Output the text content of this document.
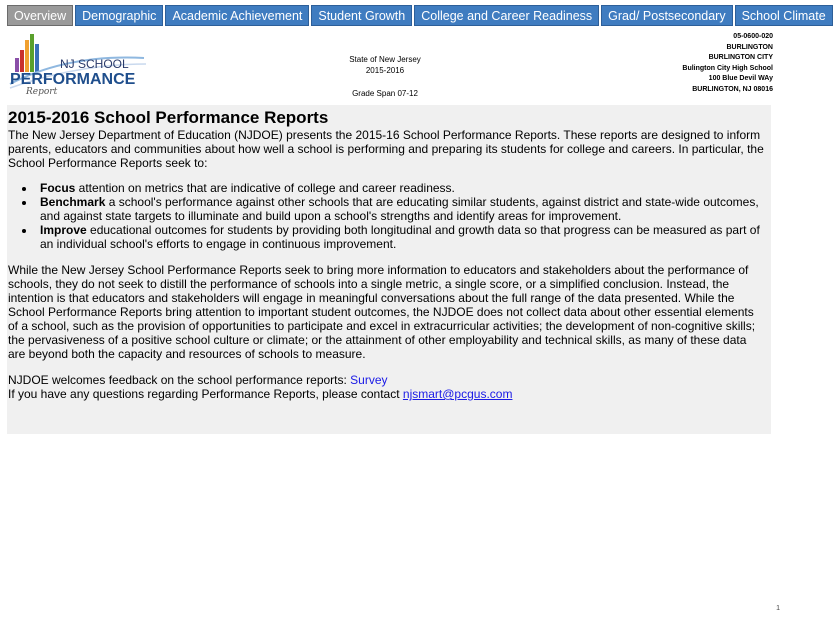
Overview	Demographic	Academic Achievement	Student Growth	College and Career Readiness	Grad/ Postsecondary	School Climate
NJ SCHOOL
PERFORMANCE
Report
State of New Jersey
2015-2016
Grade Span 07-12
05-0600-020
BURLINGTON
BURLINGTON CITY
Bulington City High School
100 Blue Devil WAy
BURLINGTON, NJ 08016
2015-2016 School Performance Reports

The New Jersey Department of Education (NJDOE) presents the 2015-16 School Performance Reports. These reports are designed to inform parents, educators and communities about how well a school is performing and preparing its students for college and careers. In particular, the School Performance Reports seek to:

• Focus attention on metrics that are indicative of college and career readiness.
• Benchmark a school's performance against other schools that are educating similar students, against district and state-wide outcomes, and against state targets to illuminate and build upon a school's strengths and identify areas for improvement.
• Improve educational outcomes for students by providing both longitudinal and growth data so that progress can be measured as part of an individual school's efforts to engage in continuous improvement.

While the New Jersey School Performance Reports seek to bring more information to educators and stakeholders about the performance of schools, they do not seek to distill the performance of schools into a single metric, a single score, or a simplified conclusion. Instead, the intention is that educators and stakeholders will engage in meaningful conversations about the full range of the data presented. While the School Performance Reports bring attention to important student outcomes, the NJDOE does not collect data about other essential elements of a school, such as the provision of opportunities to participate and excel in extracurricular activities; the development of non-cognitive skills; the pervasiveness of a positive school culture or climate; or the attainment of other employability and technical skills, as many of these data are beyond both the capacity and resources of schools to measure.

NJDOE welcomes feedback on the school performance reports: Survey

If you have any questions regarding Performance Reports, please contact njsmart@pcgus.com

1
